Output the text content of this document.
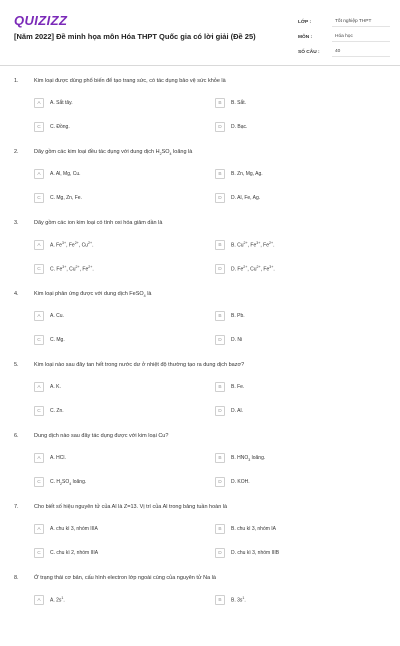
QUIZIZZ
[Năm 2022] Đề minh họa môn Hóa THPT Quốc gia có lời giải (Đề 25)
LỚP :	Tốt nghiệp THPT
MÔN :	Hóa học
SỐ CÂU :	40
1.	Kim loại được dùng phổ biến để tạo trang sức, có tác dụng bảo vệ sức khỏe là
A	A. Sắt tây.	B	B. Sắt.
C	C. Đồng.	D	D. Bạc.
2.	Dãy gồm các kim loại đều tác dụng với dung dịch $H_2SO_4$ loãng là
A	A. Al, Mg, Cu.	B	B. Zn, Mg, Ag.
C	C. Mg, Zn, Fe.	D	D. Al, Fe, Ag.
3.	Dãy gồm các ion kim loại có tính oxi hóa giảm dần là
A	A. $Fe^{3+}$, $Fe^{2+}$, $Cu^{2+}$.	B	B. $Cu^{2+}$, $Fe^{3+}$, $Fe^{2+}$.
C	C. $Fe^{3+}$, $Cu^{2+}$, $Fe^{2+}$.	D	D. $Fe^{2+}$, $Cu^{2+}$, $Fe^{3+}$.
4.	Kim loại phản ứng được với dung dịch FeSO$_4$ là
A	A. Cu.	B	B. Pb.
C	C. Mg.	D	D. Ni
5.	Kim loại nào sau đây tan hết trong nước dư ở nhiệt độ thường tạo ra dung dịch bazơ?
A	A. K.	B	B. Fe.
C	C. Zn.	D	D. Al.
6.	Dung dịch nào sau đây tác dụng được với kim loại Cu?
A	A. HCl.	B	B. $HNO_3$ loãng.
C	C. $H_2SO_4$ loãng.	D	D. KOH.
7.	Cho biết số hiệu nguyên tử của Al là Z=13. Vị trí của Al trong bảng tuần hoàn là
A	A. chu kì 3, nhóm IIIA	B	B. chu kì 3, nhóm IA
C	C. chu kì 2, nhóm IIIA	D	D. chu kì 3, nhóm IIIB
8.	Ở trạng thái cơ bản, cấu hình electron lớp ngoài cùng của nguyên tử Na là
A	A. $2s^1$.	B	B. $3s^1$.
